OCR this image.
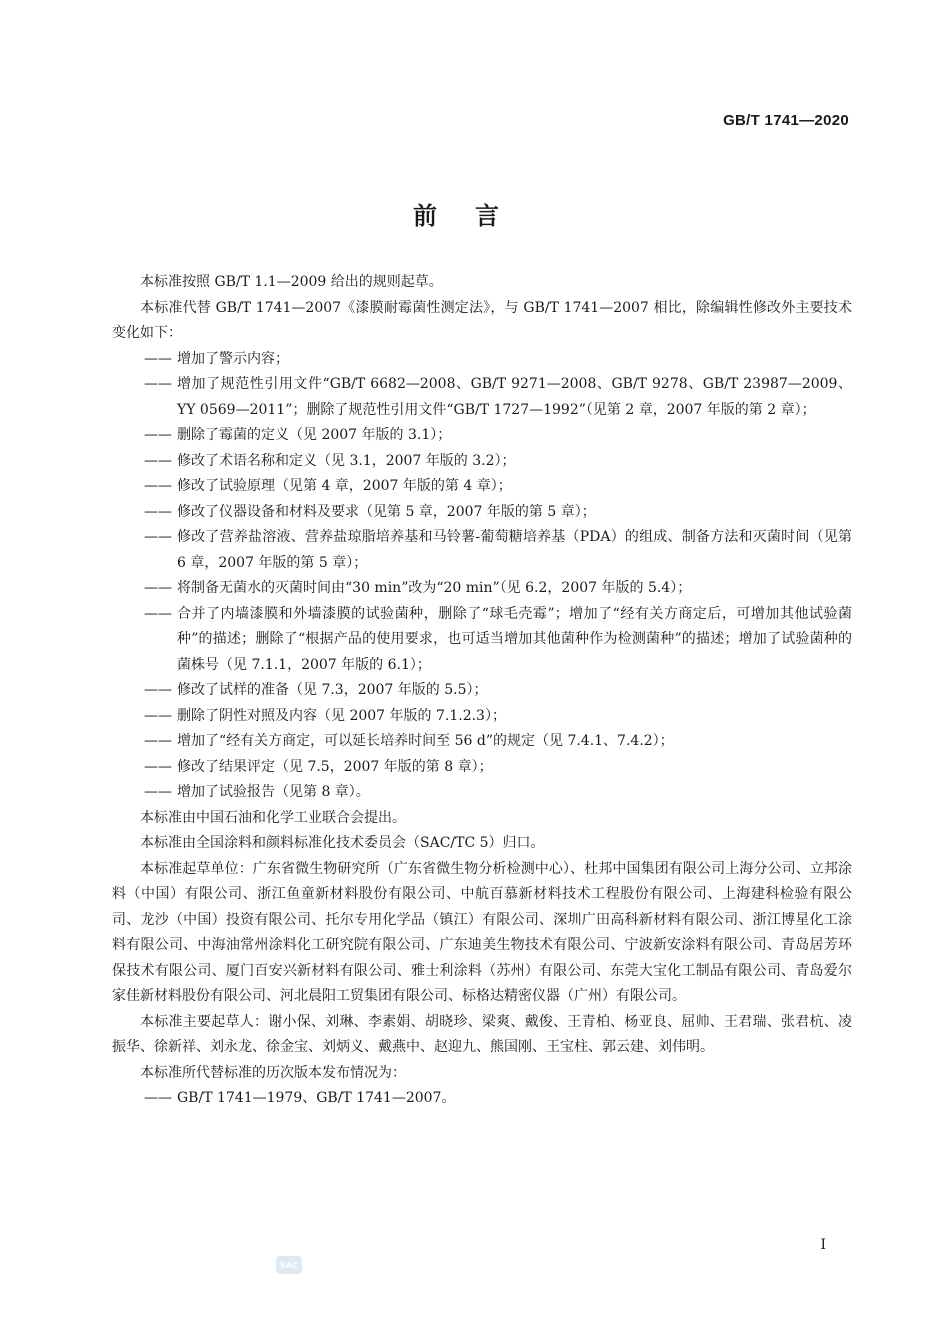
GB/T 1741—2020
前言

本标准按照 GB/T 1.1—2009 给出的规则起草。

本标准代替 GB/T 1741—2007《漆膜耐霉菌性测定法》，与 GB/T 1741—2007 相比，除编辑性修改外主要技术变化如下：

—— 增加了警示内容；
—— 增加了规范性引用文件“GB/T 6682—2008、GB/T 9271—2008、GB/T 9278、GB/T 23987—2009、YY 0569—2011”；删除了规范性引用文件“GB/T 1727—1992”（见第 2 章，2007 年版的第 2 章）；
—— 删除了霉菌的定义（见 2007 年版的 3.1）；
—— 修改了术语名称和定义（见 3.1，2007 年版的 3.2）；
—— 修改了试验原理（见第 4 章，2007 年版的第 4 章）；
—— 修改了仪器设备和材料及要求（见第 5 章，2007 年版的第 5 章）；
—— 修改了营养盐溶液、营养盐琼脂培养基和马铃薯-葡萄糖培养基（PDA）的组成、制备方法和灭菌时间（见第 6 章，2007 年版的第 5 章）；
—— 将制备无菌水的灭菌时间由“30 min”改为“20 min”（见 6.2，2007 年版的 5.4）；
—— 合并了内墙漆膜和外墙漆膜的试验菌种，删除了“球毛壳霉”；增加了“经有关方商定后，可增加其他试验菌种”的描述；删除了“根据产品的使用要求，也可适当增加其他菌种作为检测菌种”的描述；增加了试验菌种的菌株号（见 7.1.1，2007 年版的 6.1）；
—— 修改了试样的准备（见 7.3，2007 年版的 5.5）；
—— 删除了阴性对照及内容（见 2007 年版的 7.1.2.3）；
—— 增加了“经有关方商定，可以延长培养时间至 56 d”的规定（见 7.4.1、7.4.2）；
—— 修改了结果评定（见 7.5，2007 年版的第 8 章）；
—— 增加了试验报告（见第 8 章）。

本标准由中国石油和化学工业联合会提出。

本标准由全国涂料和颜料标准化技术委员会（SAC/TC 5）归口。

本标准起草单位：广东省微生物研究所（广东省微生物分析检测中心）、杜邦中国集团有限公司上海分公司、立邦涂料（中国）有限公司、浙江鱼童新材料股份有限公司、中航百慕新材料技术工程股份有限公司、上海建科检验有限公司、龙沙（中国）投资有限公司、托尔专用化学品（镇江）有限公司、深圳广田高科新材料有限公司、浙江博星化工涂料有限公司、中海油常州涂料化工研究院有限公司、广东迪美生物技术有限公司、宁波新安涂料有限公司、青岛居芳环保技术有限公司、厦门百安兴新材料有限公司、雅士利涂料（苏州）有限公司、东莞大宝化工制品有限公司、青岛爱尔家佳新材料股份有限公司、河北晨阳工贸集团有限公司、标格达精密仪器（广州）有限公司。

本标准主要起草人：谢小保、刘琳、李素娟、胡晓珍、梁爽、戴俊、王青柏、杨亚良、屈帅、王君瑞、张君杭、凌振华、徐新祥、刘永龙、徐金宝、刘炳义、戴燕中、赵迎九、熊国刚、王宝柱、郭云建、刘伟明。

本标准所代替标准的历次版本发布情况为：

—— GB/T 1741—1979、GB/T 1741—2007。
I
SAC
